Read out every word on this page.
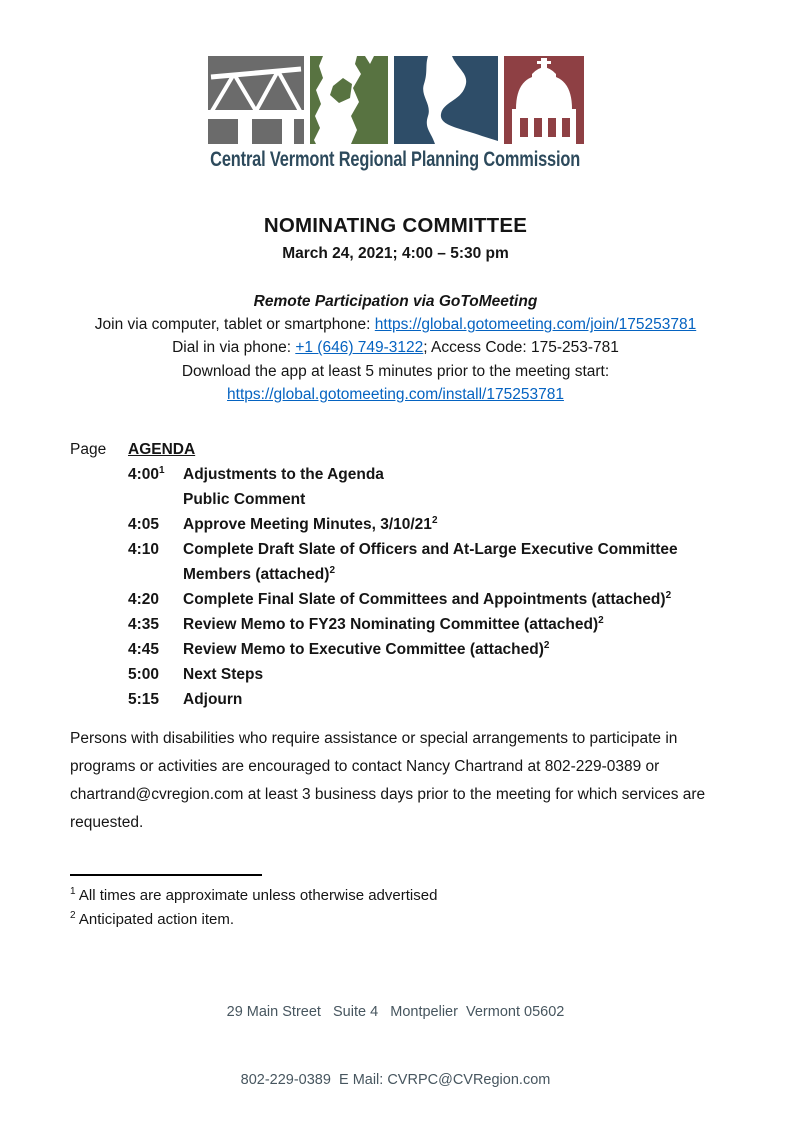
Central Vermont Regional Planning Commission
NOMINATING COMMITTEE
March 24, 2021; 4:00 – 5:30 pm
Remote Participation via GoToMeeting
Join via computer, tablet or smartphone: https://global.gotomeeting.com/join/175253781
Dial in via phone: +1 (646) 749-3122; Access Code: 175-253-781
Download the app at least 5 minutes prior to the meeting start:
https://global.gotomeeting.com/install/175253781
Page	AGENDA
$4:00^1$	Adjustments to the Agenda
Public Comment
4:05	Approve Meeting Minutes, $3/10/21^2$
4:10	Complete Draft Slate of Officers and At-Large Executive Committee
Members (attached)$^2$
4:20	Complete Final Slate of Committees and Appointments (attached)$^2$
4:35	Review Memo to FY23 Nominating Committee (attached)$^2$
4:45	Review Memo to Executive Committee (attached)$^2$
5:00	Next Steps
5:15	Adjourn

Persons with disabilities who require assistance or special arrangements to participate in programs or activities are encouraged to contact Nancy Chartrand at 802-229-0389 or chartrand@cvregion.com at least 3 business days prior to the meeting for which services are requested.

$^1$ All times are approximate unless otherwise advertised
$^2$ Anticipated action item.

29 Main Street   Suite 4   Montpelier  Vermont 05602

802-229-0389  E Mail: CVRPC@CVRegion.com
